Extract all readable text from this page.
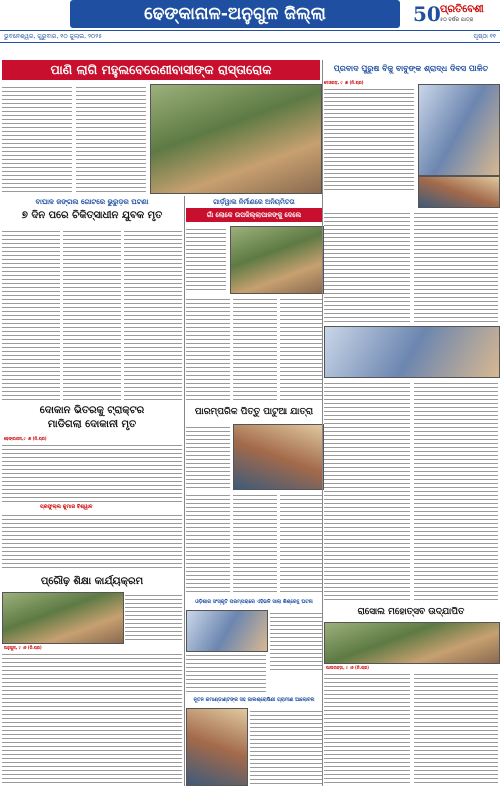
ଢେଙ୍କାନାଳ-ଅନୁଗୁଳ ଜିଲ୍ଲା	50 ପ୍ରତିବେଶୀ
୫୦ ବର୍ଷର ଯାତ୍ରା
ଭୁବନେଶ୍ୱର, ଗୁରୁବାର, ୧୦ ଜୁଲାଇ, ୨୦୨୫	ପୃଷ୍ଠା ୧୧
ପାଣି ଲାଗି ମହୁଲବେରେଣୀବାସୀଙ୍କ ରାସ୍ତାରୋକ	ପ୍ରବାଦ ପୁରୁଷ ବିଜୁ ବାବୁଙ୍କ ଶ୍ରାଦ୍ଧ ଦିବସ ପାଳିତ
ଦେଓଗଡ଼, ୯ ।୭ (ନି.ପ୍ର)
ବାଘାଳ ଜଙ୍ଗଲ ଗୋଟରେ ଭୁରୁଡ଼ର ଘଟଣା
୭ ଦିନ ପରେ ଚିକିତ୍ସାଧୀନ ଯୁବକ ମୃତ
ଗାର୍ଡ଼ୱାଲ ନିର୍ମାଣରେ ଅନିୟମିତତା
ଗାଁ ଲୋକେ ଉପଜିଲ୍ଲାପାଳଙ୍କୁ ଦେଲେ
ଦୋକାନ ଭିତରକୁ ଟ୍ରାକ୍ଟର
ମାଡିଗଲା ଦୋକାନୀ ମୃତ
ଢେଙ୍କାନାଳ,୯ ।୭ (ନି.ପ୍ର)
ପ୍ରଫୁଲ୍ଲ କୁମାର ବିଶ୍ୱାଳ
ପାରମ୍ପରିକ ପିତ୍ତୁ ପାଟୁଆ ଯାତ୍ରା
ପ୍ରୌଢ଼ ଶିକ୍ଷା କାର୍ଯ୍ୟକ୍ରମ
ଅନୁଗୁଳ, ୯ ।୭ (ନି.ପ୍ର)
ଓଡ଼ିଶାର ସଂସ୍କୃତି ପରମ୍ପରାରେ ଏହିଭଳି ସାଲା ଶିଶ୍ରେତ୍ଥ ଘଟନା
ନୂତନ କମାଣ୍ଡାଣ୍ଟଙ୍କ ସହ ଜାଲଶ୍ରୋଷିଣୀ ଗ୍ରାମୀଣ ଆଲୋଚନା
ରାସୋଲ ମହୋତ୍ସବ ଉଦ୍‌ଯାପିତ
ପାଲଲହଡ଼ା, ୯ ।୭ (ନି.ପ୍ର)
